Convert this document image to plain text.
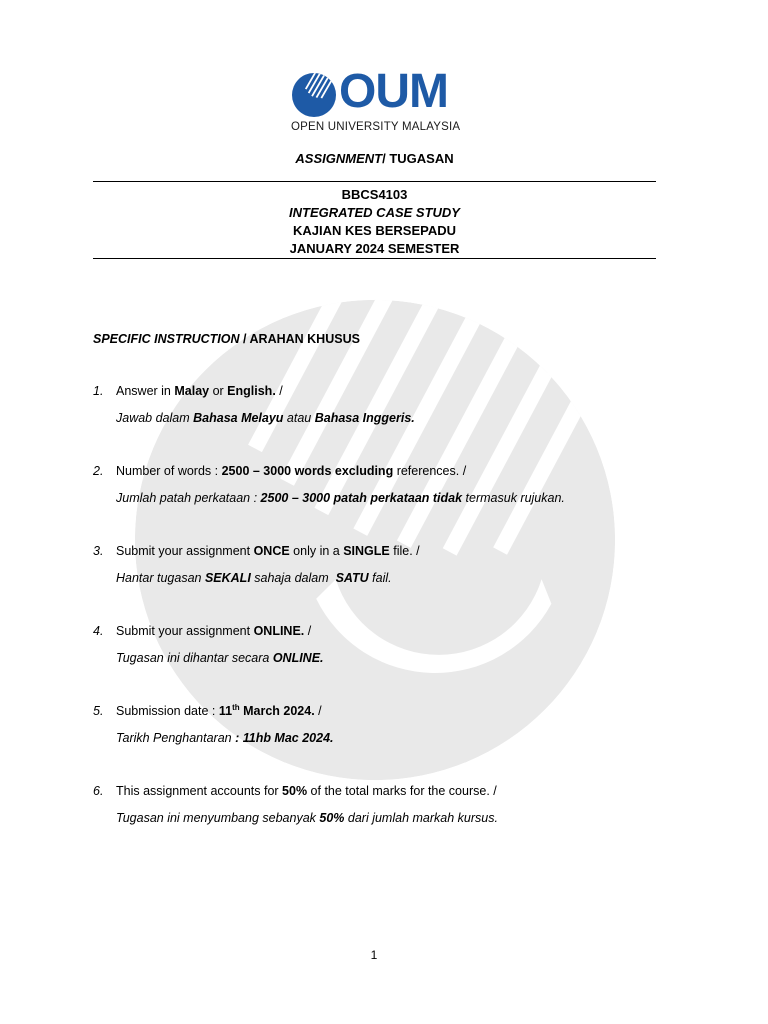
OUM
OPEN UNIVERSITY MALAYSIA
ASSIGNMENT/ TUGASAN
BBCS4103
INTEGRATED CASE STUDY
KAJIAN KES BERSEPADU
JANUARY 2024 SEMESTER
SPECIFIC INSTRUCTION / ARAHAN KHUSUS
1. Answer in Malay or English. /
Jawab dalam Bahasa Melayu atau Bahasa Inggeris.
2. Number of words : 2500 – 3000 words excluding references. /
Jumlah patah perkataan : 2500 – 3000 patah perkataan tidak termasuk rujukan.
3. Submit your assignment ONCE only in a SINGLE file. /
Hantar tugasan SEKALI sahaja dalam  SATU fail.
4. Submit your assignment ONLINE. /
Tugasan ini dihantar secara ONLINE.
5. Submission date : 11th March 2024. /
Tarikh Penghantaran : 11hb Mac 2024.
6. This assignment accounts for 50% of the total marks for the course. /
Tugasan ini menyumbang sebanyak 50% dari jumlah markah kursus.
1
